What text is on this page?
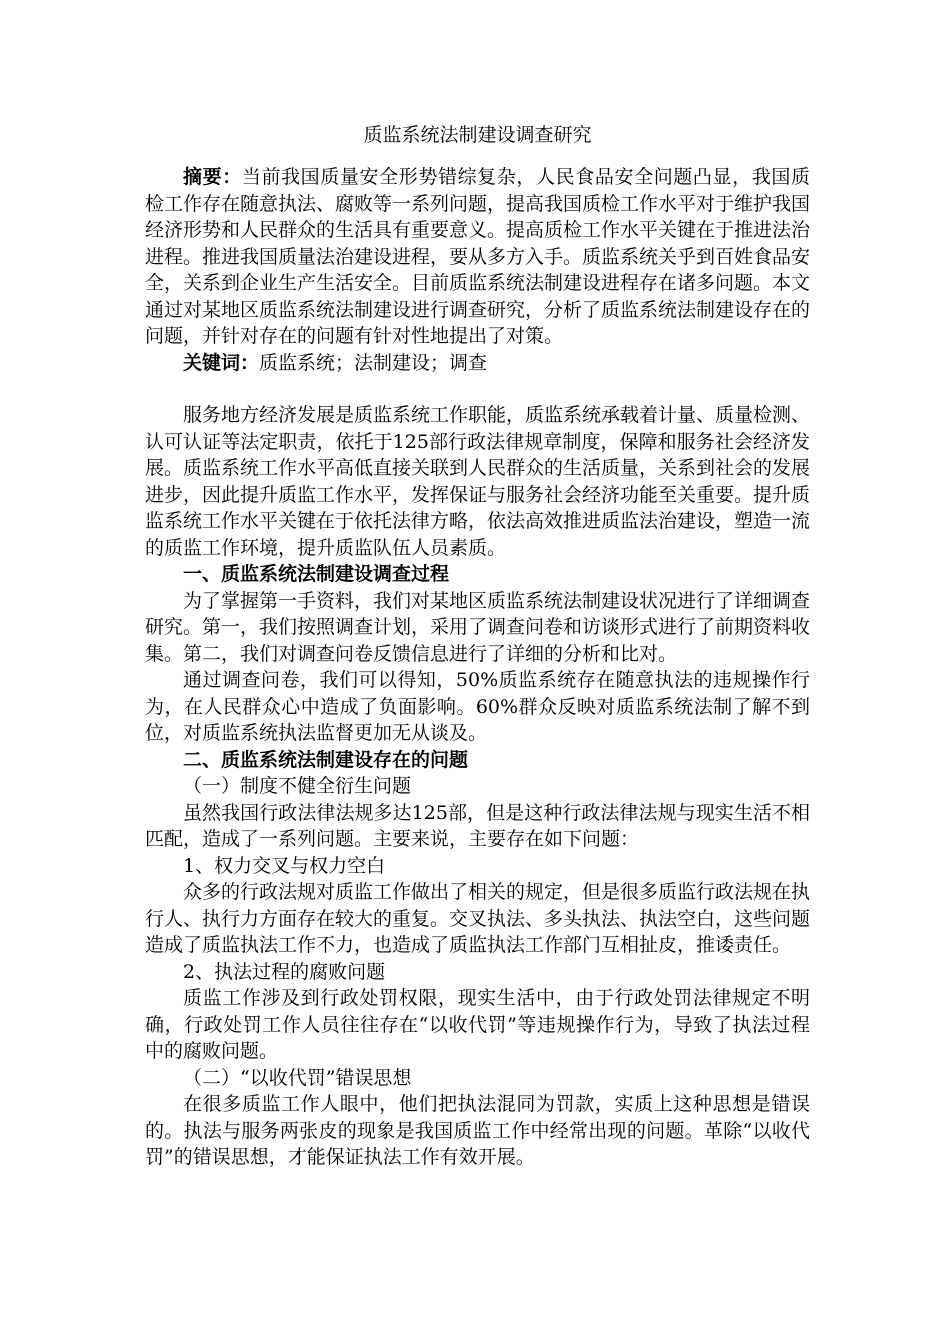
质监系统法制建设调查研究

摘要：当前我国质量安全形势错综复杂，人民食品安全问题凸显，我国质检工作存在随意执法、腐败等一系列问题，提高我国质检工作水平对于维护我国经济形势和人民群众的生活具有重要意义。提高质检工作水平关键在于推进法治进程。推进我国质量法治建设进程，要从多方入手。质监系统关乎到百姓食品安全，关系到企业生产生活安全。目前质监系统法制建设进程存在诸多问题。本文通过对某地区质监系统法制建设进行调查研究，分析了质监系统法制建设存在的问题，并针对存在的问题有针对性地提出了对策。

关键词：质监系统；法制建设；调查

服务地方经济发展是质监系统工作职能，质监系统承载着计量、质量检测、认可认证等法定职责，依托于125部行政法律规章制度，保障和服务社会经济发展。质监系统工作水平高低直接关联到人民群众的生活质量，关系到社会的发展进步，因此提升质监工作水平，发挥保证与服务社会经济功能至关重要。提升质监系统工作水平关键在于依托法律方略，依法高效推进质监法治建设，塑造一流的质监工作环境，提升质监队伍人员素质。

一、质监系统法制建设调查过程

为了掌握第一手资料，我们对某地区质监系统法制建设状况进行了详细调查研究。第一，我们按照调查计划，采用了调查问卷和访谈形式进行了前期资料收集。第二，我们对调查问卷反馈信息进行了详细的分析和比对。

通过调查问卷，我们可以得知，50%质监系统存在随意执法的违规操作行为，在人民群众心中造成了负面影响。60%群众反映对质监系统法制了解不到位，对质监系统执法监督更加无从谈及。

二、质监系统法制建设存在的问题

（一）制度不健全衍生问题

虽然我国行政法律法规多达125部，但是这种行政法律法规与现实生活不相匹配，造成了一系列问题。主要来说，主要存在如下问题：

1、权力交叉与权力空白

众多的行政法规对质监工作做出了相关的规定，但是很多质监行政法规在执行人、执行力方面存在较大的重复。交叉执法、多头执法、执法空白，这些问题造成了质监执法工作不力，也造成了质监执法工作部门互相扯皮，推诿责任。

2、执法过程的腐败问题

质监工作涉及到行政处罚权限，现实生活中，由于行政处罚法律规定不明确，行政处罚工作人员往往存在“以收代罚”等违规操作行为，导致了执法过程中的腐败问题。

（二）“以收代罚”错误思想

在很多质监工作人眼中，他们把执法混同为罚款，实质上这种思想是错误的。执法与服务两张皮的现象是我国质监工作中经常出现的问题。革除“以收代罚”的错误思想，才能保证执法工作有效开展。
